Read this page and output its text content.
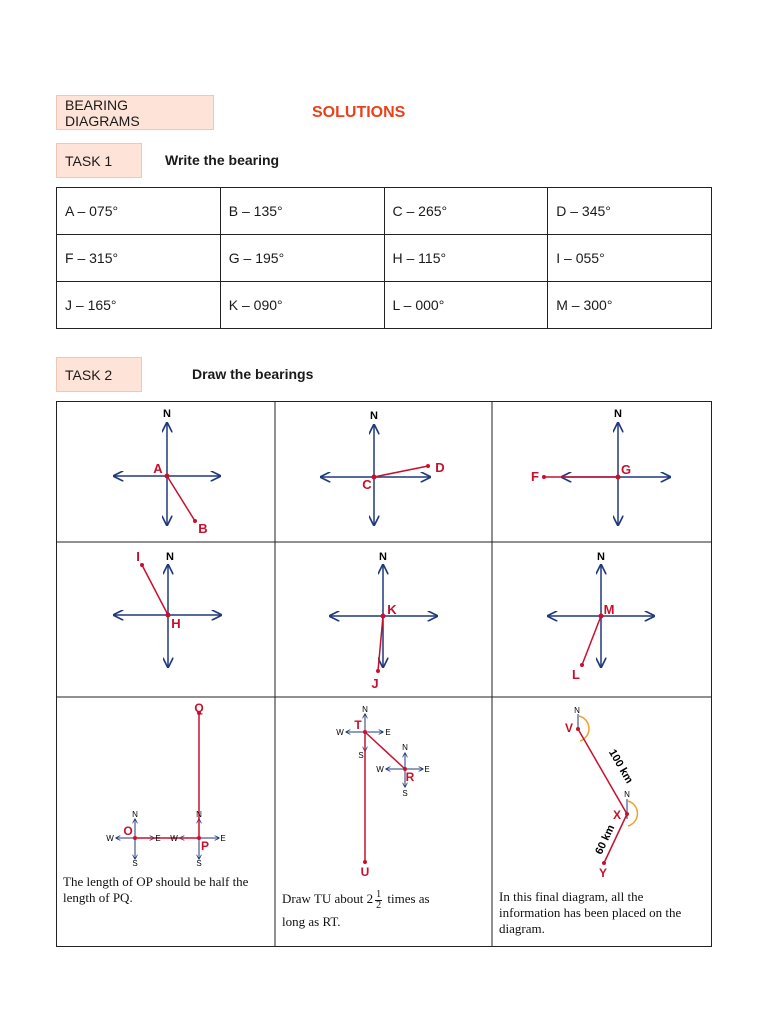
BEARING DIAGRAMS	SOLUTIONS
TASK 1	Write the bearing
A – 075°	B – 135°	C – 265°	D – 345°
F – 315°	G – 195°	H – 115°	I – 055°
J – 165°	K – 090°	L – 000°	M – 300°
TASK 2	Draw the bearings
N
A
B
N
C
D
N
F	G
N
I
H
N
K
J
N
M
L
N
S
W	E
N
S
W	E
O
P
Q	N
S
W	E
N
S
W	E
T
R
U
N
N
V
X
Y
100 km
60 km
The length of OP should be half the length of PQ.	Draw TU about $2 \frac{1}{2}$ times as
long as RT.
In this final diagram, all the information has been placed on the diagram.
